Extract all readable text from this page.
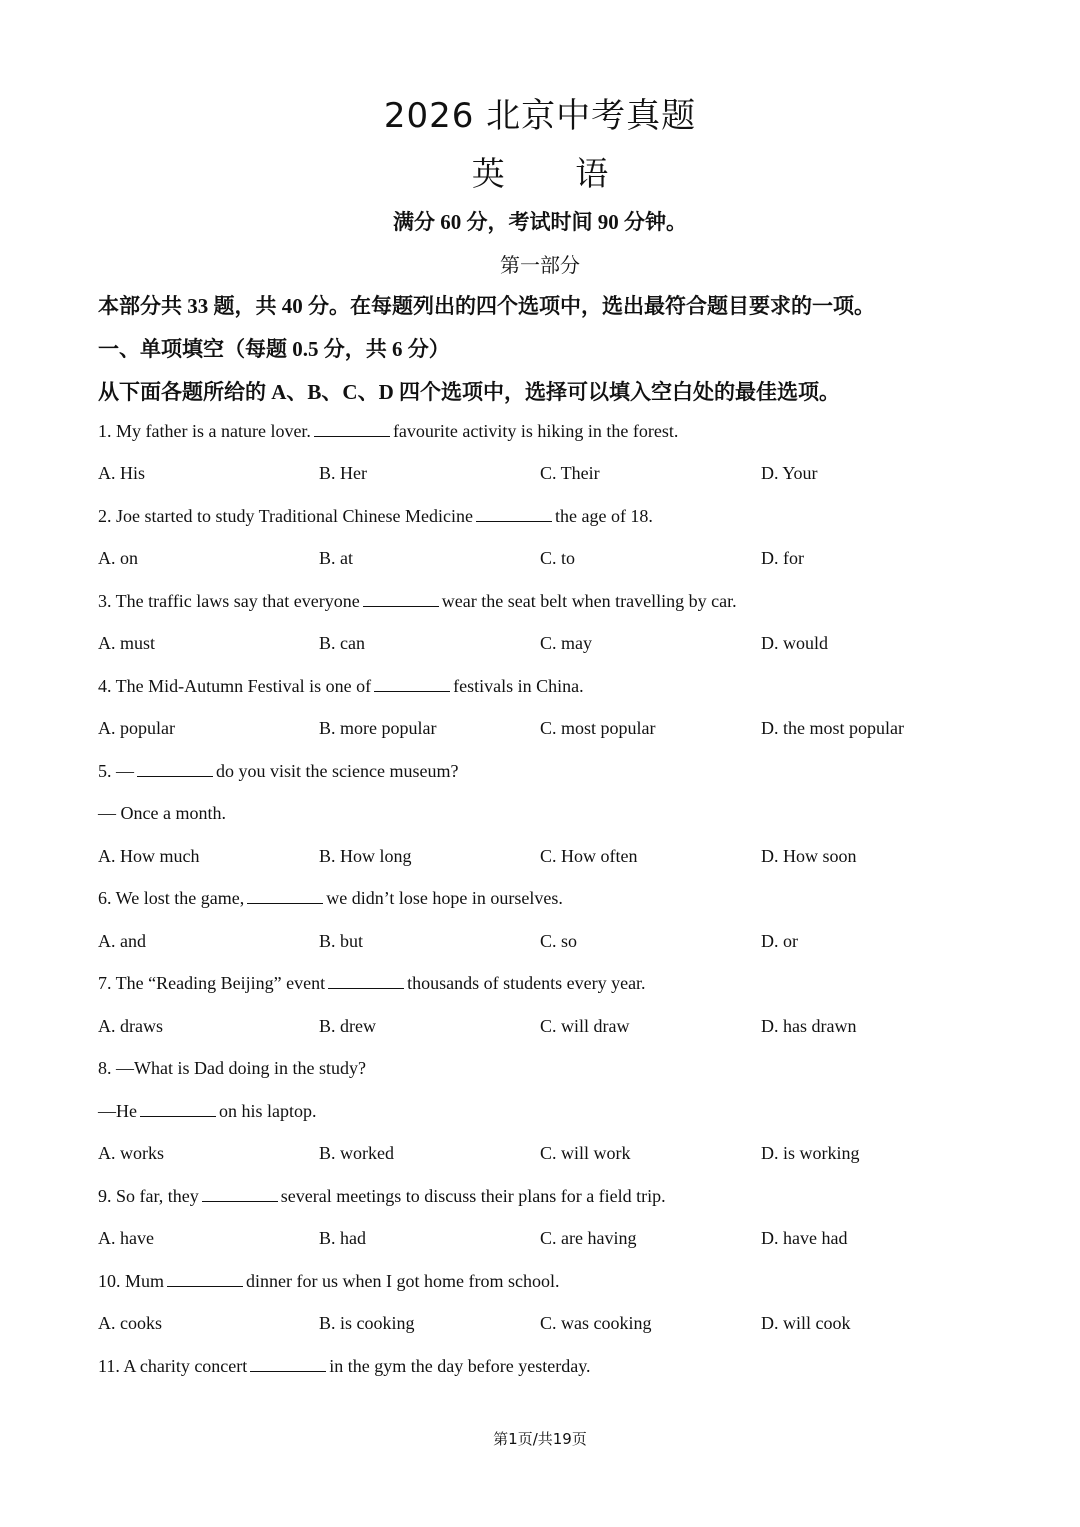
2026 北京中考真题
英 语
满分 60 分，考试时间 90 分钟。
第一部分
本部分共 33 题，共 40 分。在每题列出的四个选项中，选出最符合题目要求的一项。
一、单项填空（每题 0.5 分，共 6 分）
从下面各题所给的 A、B、C、D 四个选项中，选择可以填入空白处的最佳选项。
1. My father is a nature lover.	favourite activity is hiking in the forest.
A. His	B. Her	C. Their	D. Your
2. Joe started to study Traditional Chinese Medicine	the age of 18.
A. on	B. at	C. to	D. for
3. The traffic laws say that everyone	wear the seat belt when travelling by car.
A. must	B. can	C. may	D. would
4. The Mid-Autumn Festival is one of	festivals in China.
A. popular	B. more popular	C. most popular	D. the most popular
5. —	do you visit the science museum?
— Once a month.
A. How much	B. How long	C. How often	D. How soon
6. We lost the game,	we didn’t lose hope in ourselves.
A. and	B. but	C. so	D. or
7. The “Reading Beijing” event	thousands of students every year.
A. draws	B. drew	C. will draw	D. has drawn
8. —What is Dad doing in the study?
—He	on his laptop.
A. works	B. worked	C. will work	D. is working
9. So far, they	several meetings to discuss their plans for a field trip.
A. have	B. had	C. are having	D. have had
10. Mum	dinner for us when I got home from school.
A. cooks	B. is cooking	C. was cooking	D. will cook
11. A charity concert	in the gym the day before yesterday.
第1页/共19页
